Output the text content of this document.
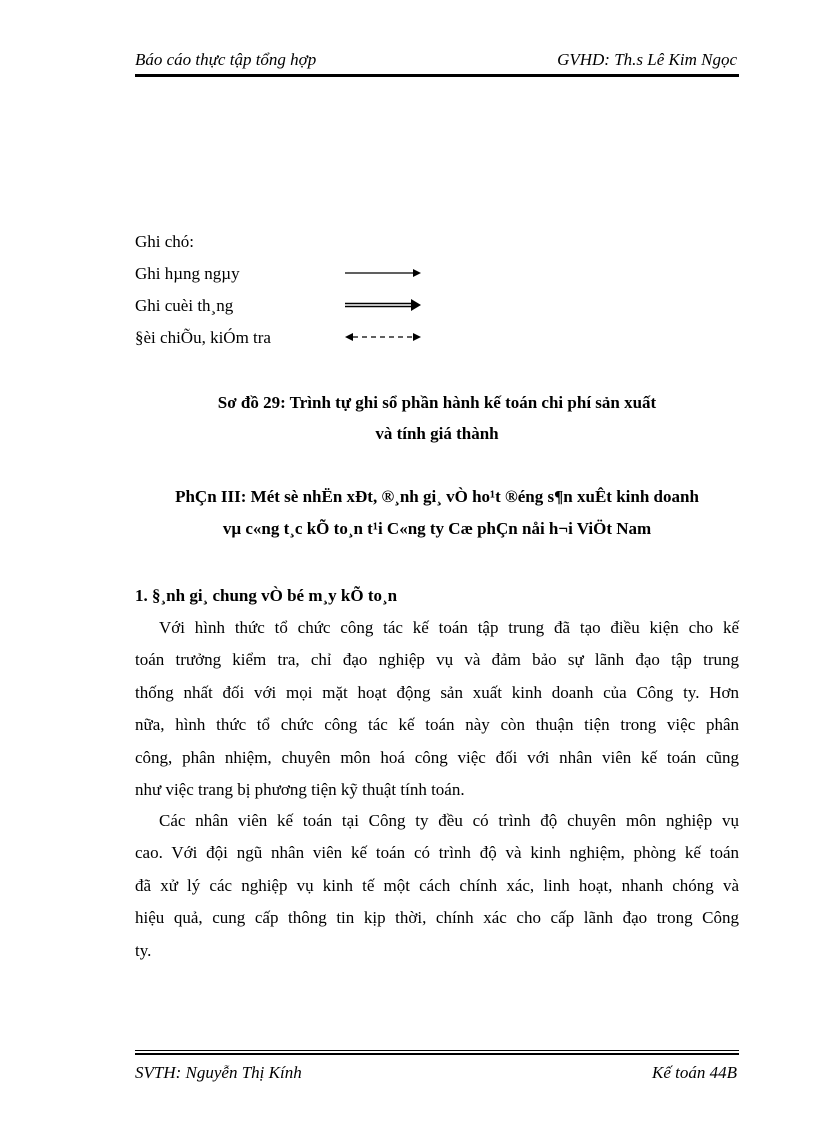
Báo cáo thực tập tổng hợp	GVHD: Th.s Lê Kim Ngọc
Ghi chó:
Ghi hµng ngµy
Ghi cuèi th¸ng
§èi chiÕu, kiÓm tra
Sơ đồ 29: Trình tự ghi sổ phần hành kế toán chi phí sản xuất
và tính giá thành
PhÇn III: Mét sè nhËn xÐt, ®¸nh gi¸ vÒ ho¹t ®éng s¶n xuÊt kinh doanh
vµ c«ng t¸c kÕ to¸n t¹i C«ng ty Cæ phÇn nåi h¬i ViÖt Nam
1. §¸nh gi¸ chung vÒ bé m¸y kÕ to¸n
Với hình thức tổ chức công tác kế toán tập trung đã tạo điều kiện cho kế
toán trưởng kiểm tra, chỉ đạo nghiệp vụ và đảm bảo sự lãnh đạo tập trung
thống nhất đối với mọi mặt hoạt động sản xuất kinh doanh của Công ty. Hơn
nữa, hình thức tổ chức công tác kế toán này còn thuận tiện trong việc phân
công, phân nhiệm, chuyên môn hoá công việc đối với nhân viên kế toán cũng
như việc trang bị phương tiện kỹ thuật tính toán.
Các nhân viên kế toán tại Công ty đều có trình độ chuyên môn nghiệp vụ
cao. Với đội ngũ nhân viên kế toán có trình độ và kinh nghiệm, phòng kế toán
đã xử lý các nghiệp vụ kinh tế một cách chính xác, linh hoạt, nhanh chóng và
hiệu quả, cung cấp thông tin kịp thời, chính xác cho cấp lãnh đạo trong Công
ty.
SVTH: Nguyễn Thị Kính	Kế toán 44B
